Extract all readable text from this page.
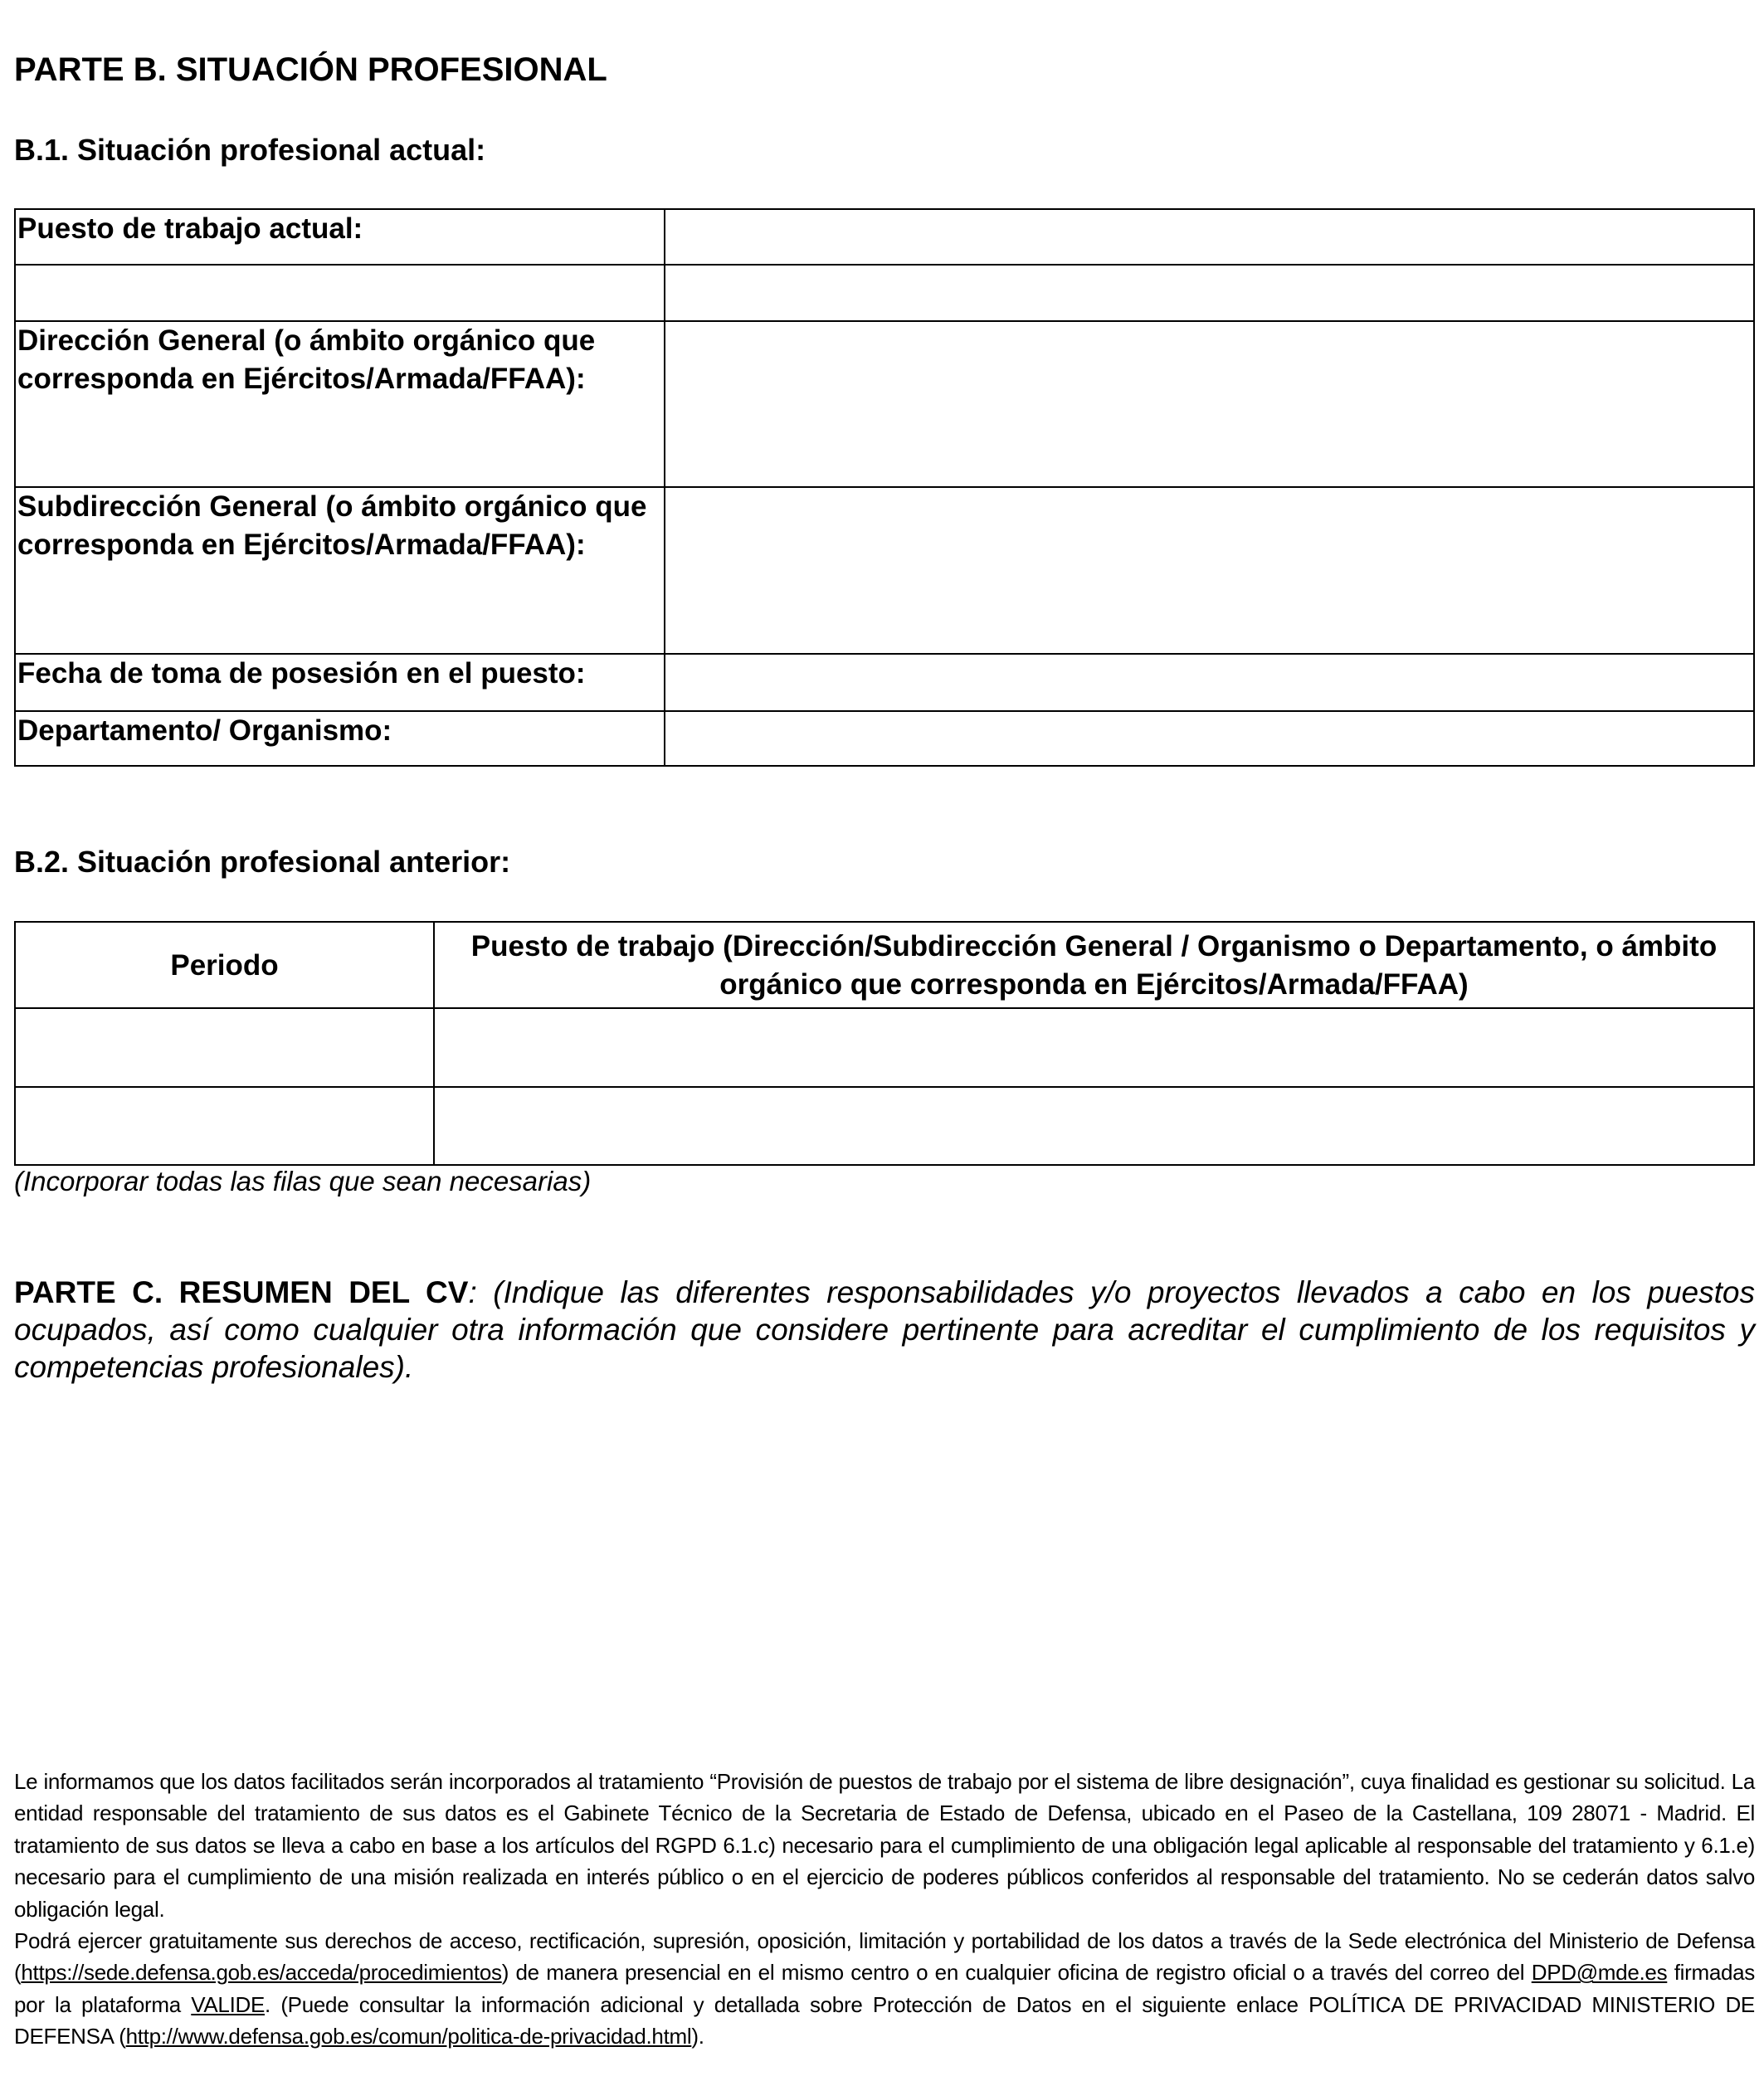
PARTE B. SITUACIÓN PROFESIONAL
B.1. Situación profesional actual:
Puesto de trabajo actual:	

Dirección General (o ámbito orgánico que corresponda en Ejércitos/Armada/FFAA):	
Subdirección General (o ámbito orgánico que corresponda en Ejércitos/Armada/FFAA):	
Fecha de toma de posesión en el puesto:	
Departamento/ Organismo:	
B.2. Situación profesional anterior:
Periodo	Puesto de trabajo (Dirección/Subdirección General / Organismo o Departamento, o ámbito orgánico que corresponda en Ejércitos/Armada/FFAA)

(Incorporar todas las filas que sean necesarias)
PARTE C. RESUMEN DEL CV: (Indique las diferentes responsabilidades y/o proyectos llevados a cabo en los puestos ocupados, así como cualquier otra información que considere pertinente para acreditar el cumplimiento de los requisitos y competencias profesionales).

Le informamos que los datos facilitados serán incorporados al tratamiento “Provisión de puestos de trabajo por el sistema de libre designación”, cuya finalidad es gestionar su solicitud. La entidad responsable del tratamiento de sus datos es el Gabinete Técnico de la Secretaria de Estado de Defensa, ubicado en el Paseo de la Castellana, 109 28071 - Madrid. El tratamiento de sus datos se lleva a cabo en base a los artículos del RGPD 6.1.c) necesario para el cumplimiento de una obligación legal aplicable al responsable del tratamiento y 6.1.e) necesario para el cumplimiento de una misión realizada en interés público o en el ejercicio de poderes públicos conferidos al responsable del tratamiento. No se cederán datos salvo obligación legal.

Podrá ejercer gratuitamente sus derechos de acceso, rectificación, supresión, oposición, limitación y portabilidad de los datos a través de la Sede electrónica del Ministerio de Defensa (https://sede.defensa.gob.es/acceda/procedimientos) de manera presencial en el mismo centro o en cualquier oficina de registro oficial o a través del correo del DPD@mde.es firmadas por la plataforma VALIDE. (Puede consultar la información adicional y detallada sobre Protección de Datos en el siguiente enlace POLÍTICA DE PRIVACIDAD MINISTERIO DE DEFENSA (http://www.defensa.gob.es/comun/politica-de-privacidad.html).
